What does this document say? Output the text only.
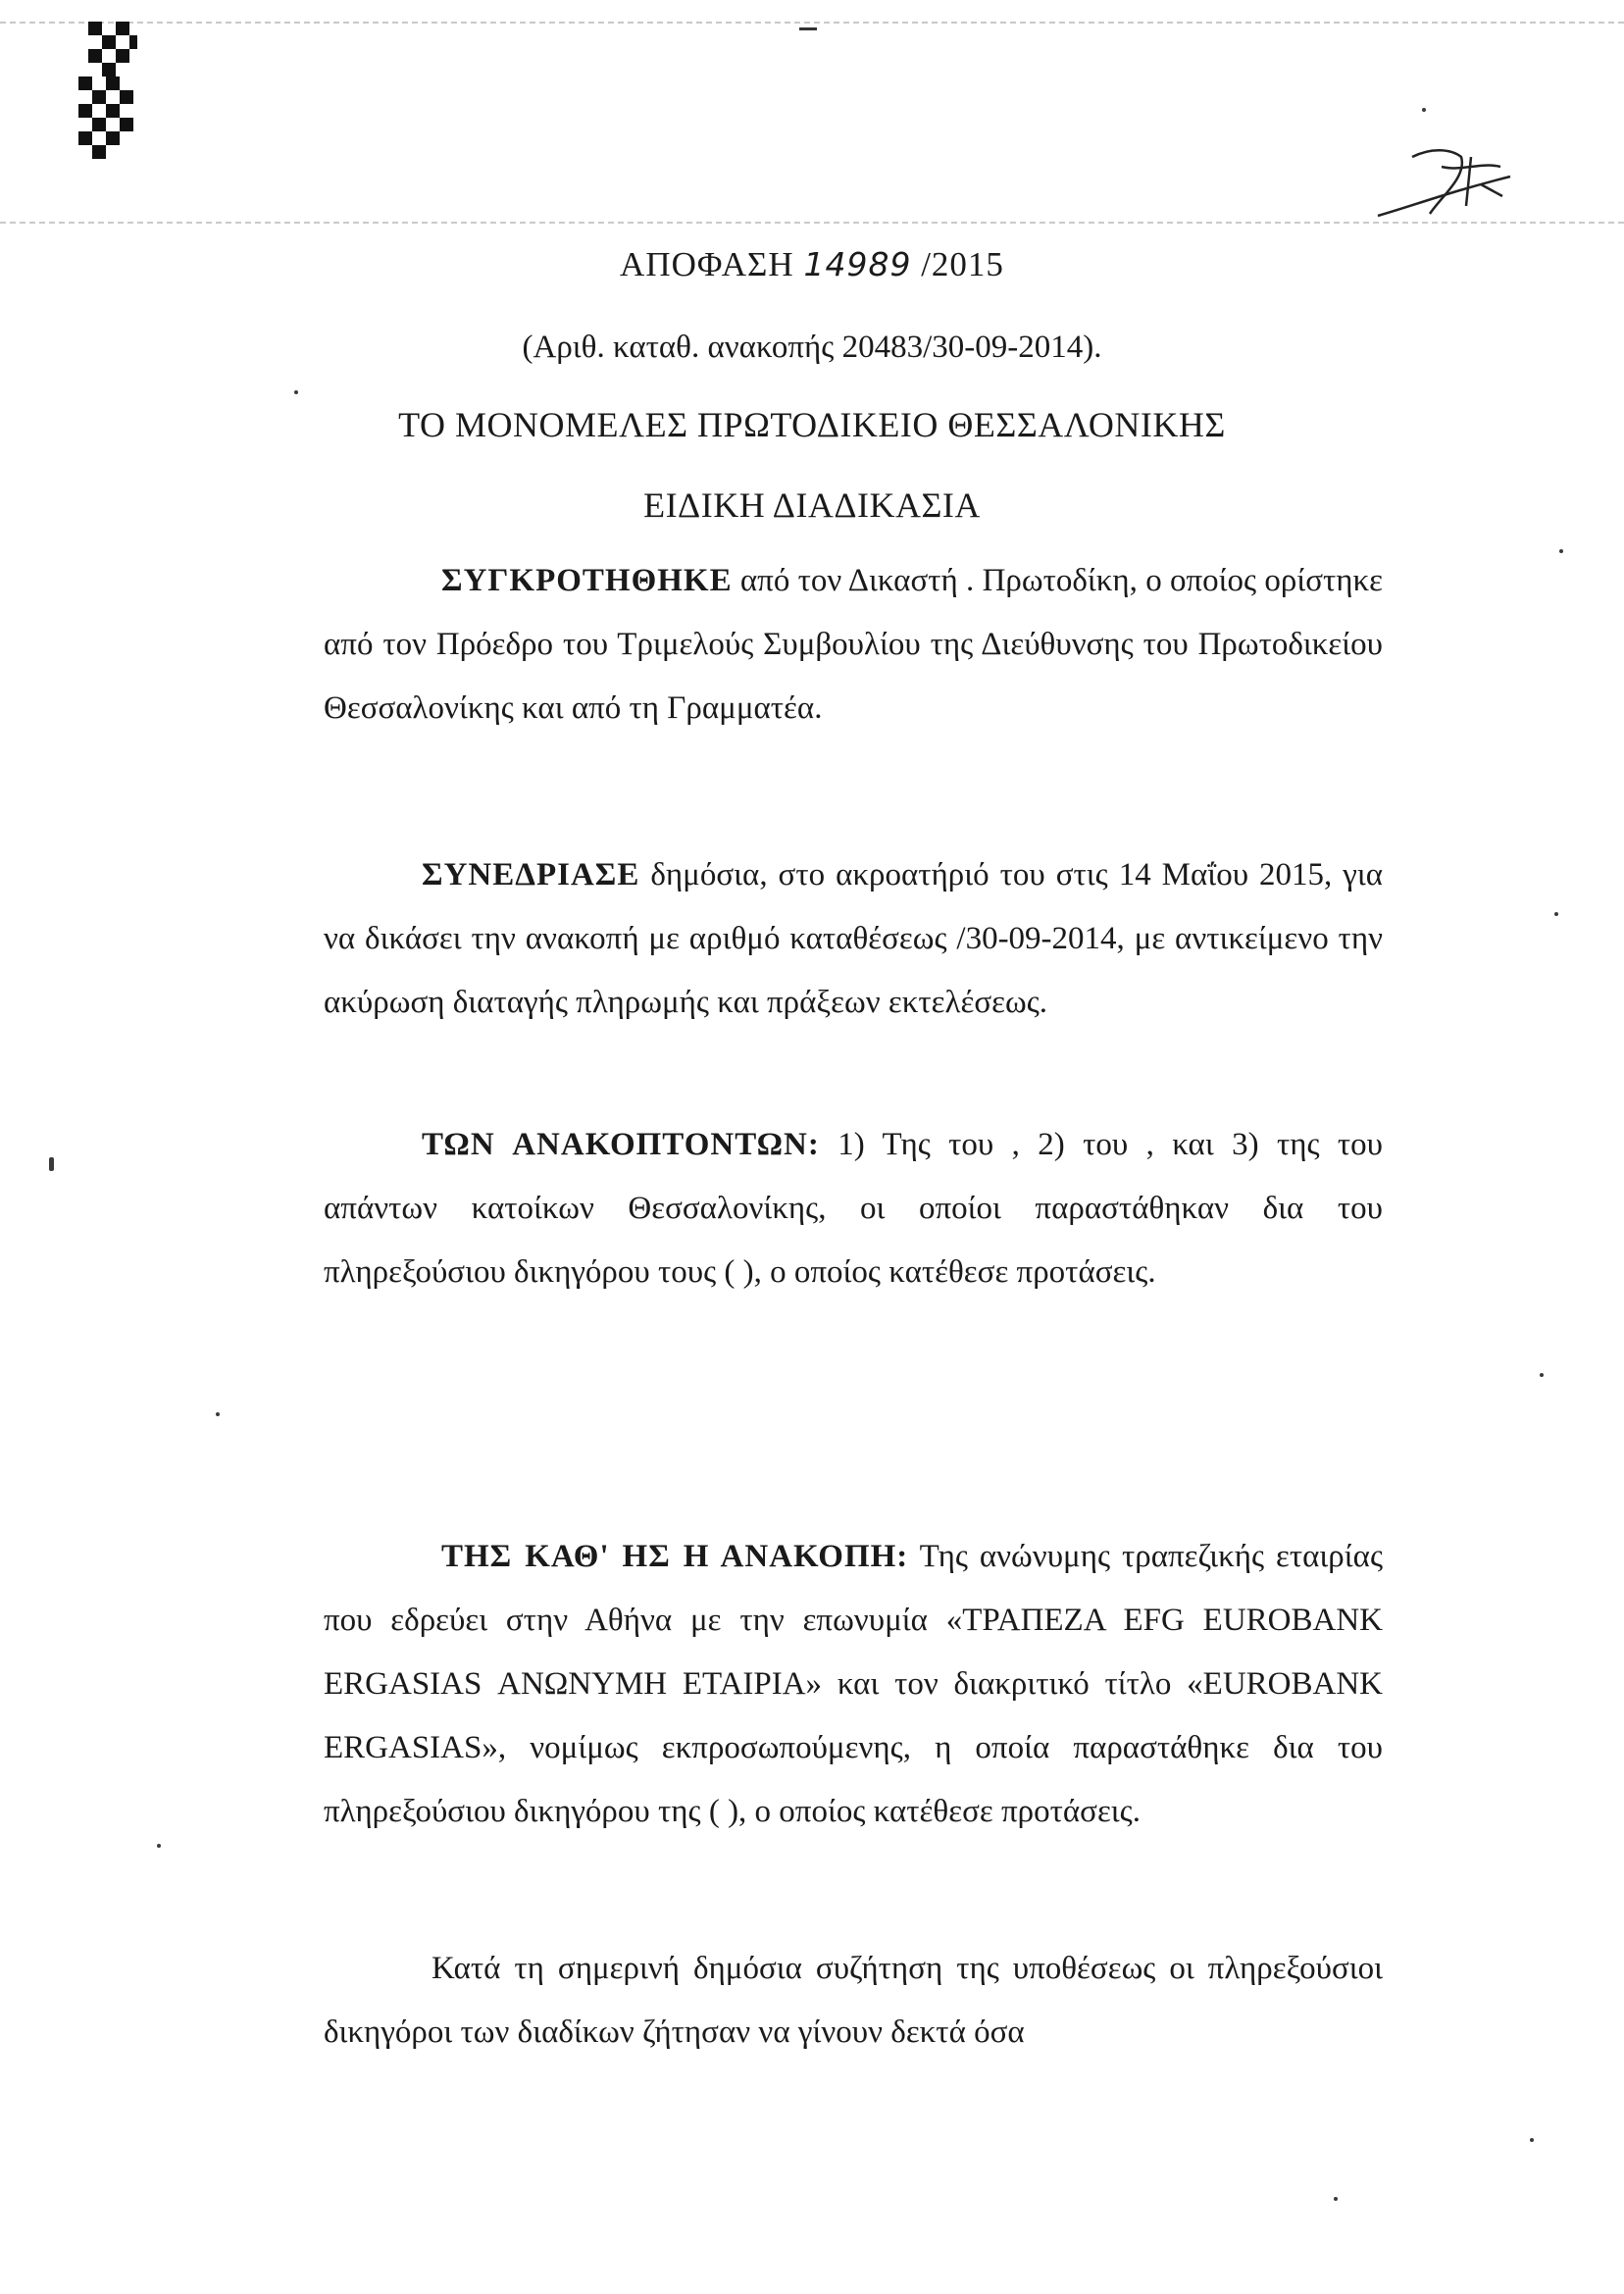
ΑΠΟΦΑΣΗ 14989 /2015
(Αριθ. καταθ. ανακοπής 20483/30-09-2014).
ΤΟ ΜΟΝΟΜΕΛΕΣ ΠΡΩΤΟΔΙΚΕΙΟ ΘΕΣΣΑΛΟΝΙΚΗΣ
ΕΙΔΙΚΗ ΔΙΑΔΙΚΑΣΙΑ
ΣΥΓΚΡΟΤΗΘΗΚΕ από τον Δικαστή . Πρωτοδίκη, ο οποίος ορίστηκε από τον Πρόεδρο του Τριμελούς Συμβουλίου της Διεύθυνσης του Πρωτοδικείου Θεσσαλονίκης και από τη Γραμματέα.
ΣΥΝΕΔΡΙΑΣΕ δημόσια, στο ακροατήριό του στις 14 Μαΐου 2015, για να δικάσει την ανακοπή με αριθμό καταθέσεως /30-09-2014, με αντικείμενο την ακύρωση διαταγής πληρωμής και πράξεων εκτελέσεως.
ΤΩΝ ΑΝΑΚΟΠΤΟΝΤΩΝ: 1) Της του , 2) του , και 3) της του απάντων κατοίκων Θεσσαλονίκης, οι οποίοι παραστάθηκαν δια του πληρεξούσιου δικηγόρου τους ( ), ο οποίος κατέθεσε προτάσεις.
ΤΗΣ ΚΑΘ' ΗΣ Η ΑΝΑΚΟΠΗ: Της ανώνυμης τραπεζικής εταιρίας που εδρεύει στην Αθήνα με την επωνυμία «ΤΡΑΠΕΖΑ EFG EUROBANK ERGASIAS ΑΝΩΝΥΜΗ ΕΤΑΙΡΙΑ» και τον διακριτικό τίτλο «EUROBANK ERGASIAS», νομίμως εκπροσωπούμενης, η οποία παραστάθηκε δια του πληρεξούσιου δικηγόρου της ( ), ο οποίος κατέθεσε προτάσεις.
Κατά τη σημερινή δημόσια συζήτηση της υποθέσεως οι πληρεξούσιοι δικηγόροι των διαδίκων ζήτησαν να γίνουν δεκτά όσα
